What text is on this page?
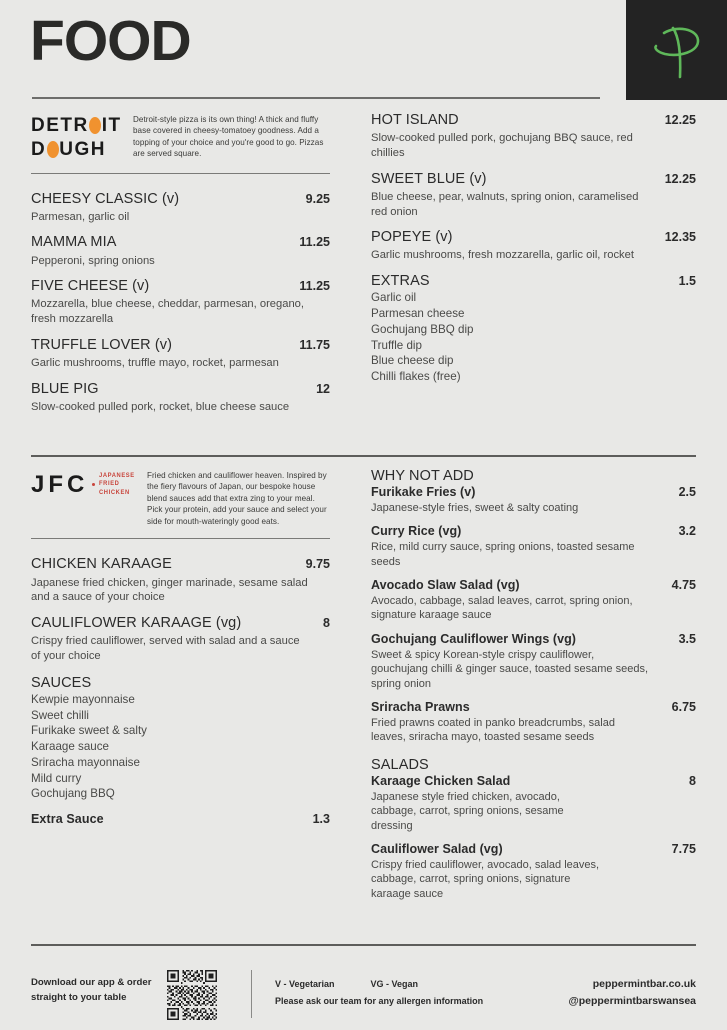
FOOD
DETR IT
D UGH
Detroit-style pizza is its own thing! A thick and fluffy base covered in cheesy-tomatoey goodness. Add a topping of your choice and you're good to go. Pizzas are served square.
CHEESY CLASSIC (v)	9.25
Parmesan, garlic oil
MAMMA MIA	11.25
Pepperoni, spring onions
FIVE CHEESE (v)	11.25
Mozzarella, blue cheese, cheddar, parmesan, oregano, fresh mozzarella
TRUFFLE LOVER (v)	11.75
Garlic mushrooms, truffle mayo, rocket, parmesan
BLUE PIG	12
Slow-cooked pulled pork, rocket, blue cheese sauce
HOT ISLAND	12.25
Slow-cooked pulled pork, gochujang BBQ sauce, red chillies
SWEET BLUE (v)	12.25
Blue cheese, pear, walnuts, spring onion, caramelised red onion
POPEYE (v)	12.35
Garlic mushrooms, fresh mozzarella, garlic oil, rocket
EXTRAS	1.5
Garlic oil
Parmesan cheese
Gochujang BBQ dip
Truffle dip
Blue cheese dip
Chilli flakes (free)
JFC JAPANESE
FRIED
CHICKEN
Fried chicken and cauliflower heaven. Inspired by the fiery flavours of Japan, our bespoke house blend sauces add that extra zing to your meal. Pick your protein, add your sauce and select your side for mouth-wateringly good eats.
CHICKEN KARAAGE	9.75
Japanese fried chicken, ginger marinade, sesame salad and a sauce of your choice
CAULIFLOWER KARAAGE (vg)	8
Crispy fried cauliflower, served with salad and a sauce of your choice
SAUCES
Kewpie mayonnaise
Sweet chilli
Furikake sweet & salty
Karaage sauce
Sriracha mayonnaise
Mild curry
Gochujang BBQ
Extra Sauce	1.3
WHY NOT ADD
Furikake Fries (v)	2.5
Japanese-style fries, sweet & salty coating
Curry Rice (vg)	3.2
Rice, mild curry sauce, spring onions, toasted sesame seeds
Avocado Slaw Salad (vg)	4.75
Avocado, cabbage, salad leaves, carrot, spring onion, signature karaage sauce
Gochujang Cauliflower Wings (vg)	3.5
Sweet & spicy Korean-style crispy cauliflower, gouchujang chilli & ginger sauce, toasted sesame seeds, spring onion
Sriracha Prawns	6.75
Fried prawns coated in panko breadcrumbs, salad leaves, sriracha mayo, toasted sesame seeds
SALADS
Karaage Chicken Salad	8
Japanese style fried chicken, avocado, cabbage, carrot, spring onions, sesame dressing
Cauliflower Salad (vg)	7.75
Crispy fried cauliflower, avocado, salad leaves, cabbage, carrot, spring onions, signature karaage sauce
Download our app & order
straight to your table
V - Vegetarian	VG - Vegan
Please ask our team for any allergen information
peppermintbar.co.uk
@peppermintbarswansea
